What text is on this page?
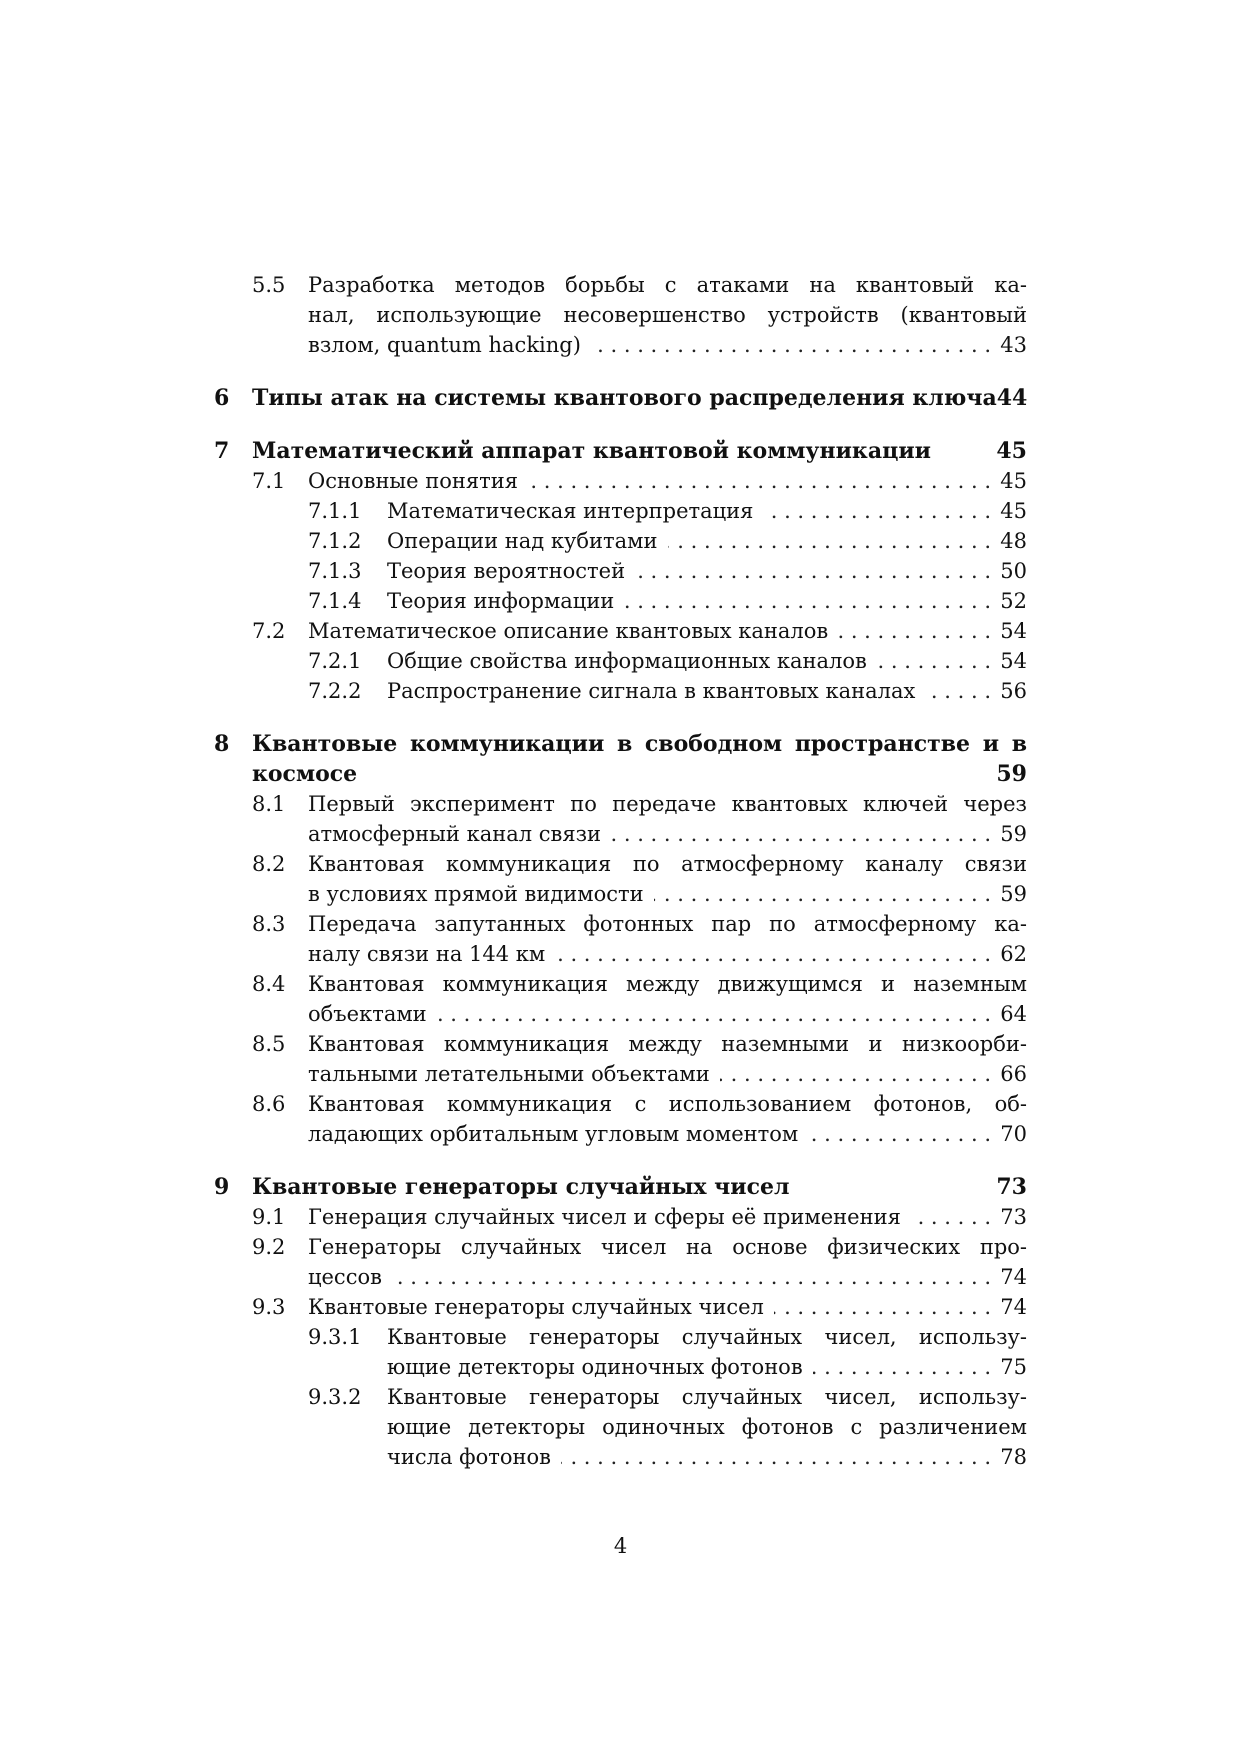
5.5 Разработка методов борьбы с атаками на квантовый ка-
нал, использующие несовершенство устройств (квантовый
взлом, quantum hacking) . . .	43
6 Типы атак на системы квантового распределения ключа 44
7 Математический аппарат квантовой коммуникации	45
7.1 Основные понятия . . .	45
7.1.1 Математическая интерпретация . . .	45
7.1.2 Операции над кубитами . . .	48
7.1.3 Теория вероятностей . . .	50
7.1.4 Теория информации . . .	52
7.2 Математическое описание квантовых каналов . . .	54
7.2.1 Общие свойства информационных каналов . . .	54
7.2.2 Распространение сигнала в квантовых каналах . . .	56
8 Квантовые коммуникации в свободном пространстве и в
космосе	59
8.1 Первый эксперимент по передаче квантовых ключей через
атмосферный канал связи . . .	59
8.2 Квантовая коммуникация по атмосферному каналу связи
в условиях прямой видимости . . .	59
8.3 Передача запутанных фотонных пар по атмосферному ка-
налу связи на 144 км . . .	62
8.4 Квантовая коммуникация между движущимся и наземным
объектами . . .	64
8.5 Квантовая коммуникация между наземными и низкоорби-
тальными летательными объектами . . .	66
8.6 Квантовая коммуникация с использованием фотонов, об-
ладающих орбитальным угловым моментом . . .	70
9 Квантовые генераторы случайных чисел	73
9.1 Генерация случайных чисел и сферы её применения . . .	73
9.2 Генераторы случайных чисел на основе физических про-
цессов . . .	74
9.3 Квантовые генераторы случайных чисел . . .	74
9.3.1 Квантовые генераторы случайных чисел, использу-
ющие детекторы одиночных фотонов . . .	75
9.3.2 Квантовые генераторы случайных чисел, использу-
ющие детекторы одиночных фотонов с различением
числа фотонов . . .	78
4
